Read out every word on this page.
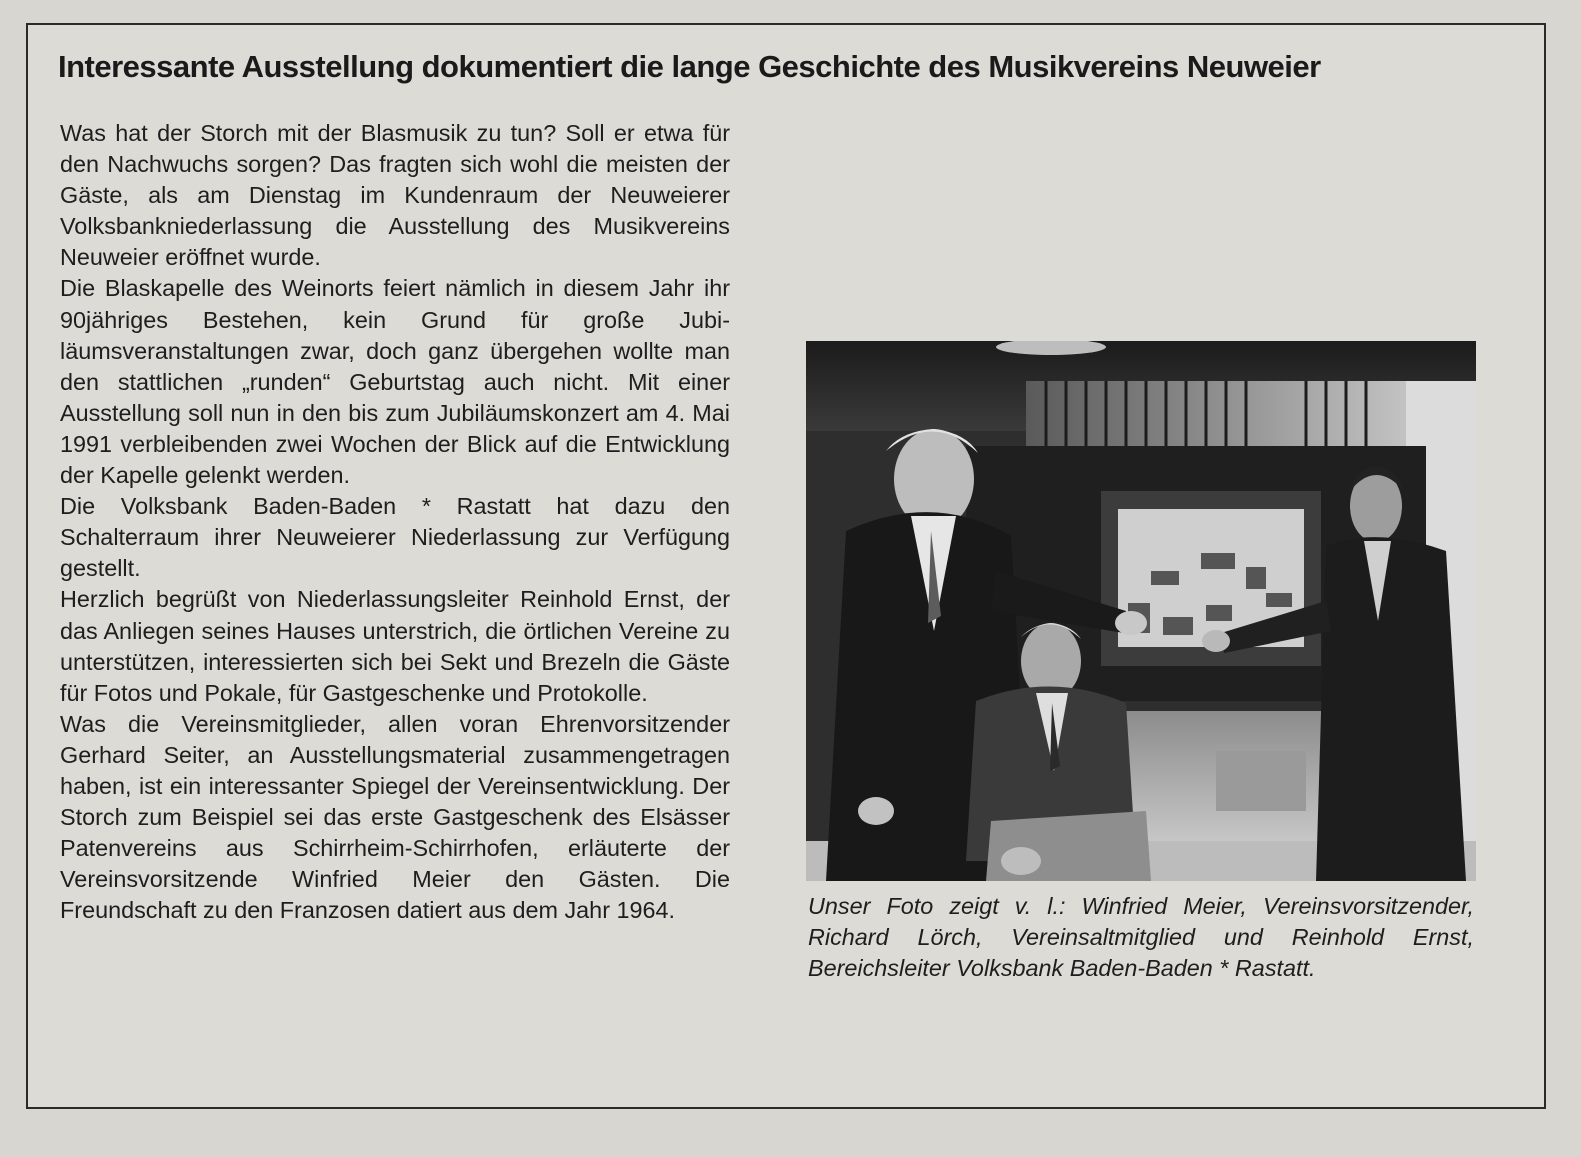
Interessante Ausstellung dokumentiert die lange Geschichte des Musikvereins Neuweier

Was hat der Storch mit der Blasmusik zu tun? Soll er etwa für den Nachwuchs sorgen? Das fragten sich wohl die meisten der Gäste, als am Dienstag im Kundenraum der Neuweierer Volksbankniederlassung die Ausstellung des Musikvereins Neuweier eröffnet wurde.

Die Blaskapelle des Weinorts feiert nämlich in diesem Jahr ihr 90jähriges Bestehen, kein Grund für große Jubiläumsveranstaltungen zwar, doch ganz übergehen wollte man den stattlichen „runden“ Geburtstag auch nicht. Mit einer Ausstellung soll nun in den bis zum Jubiläumskonzert am 4. Mai 1991 verbleibenden zwei Wochen der Blick auf die Entwicklung der Kapelle gelenkt werden.

Die Volksbank Baden-Baden * Rastatt hat dazu den Schalterraum ihrer Neuweierer Niederlassung zur Verfügung gestellt.

Herzlich begrüßt von Niederlassungsleiter Reinhold Ernst, der das Anliegen seines Hauses unterstrich, die örtlichen Vereine zu unterstützen, interessierten sich bei Sekt und Brezeln die Gäste für Fotos und Pokale, für Gastgeschenke und Protokolle.

Was die Vereinsmitglieder, allen voran Ehrenvorsitzender Gerhard Seiter, an Ausstellungsmaterial zusammengetragen haben, ist ein interessanter Spiegel der Vereinsentwicklung. Der Storch zum Beispiel sei das erste Gastgeschenk des Elsässer Patenvereins aus Schirrheim-Schirrhofen, erläuterte der Vereinsvorsitzende Winfried Meier den Gästen. Die Freundschaft zu den Franzosen datiert aus dem Jahr 1964.	Unser Foto zeigt v. l.: Winfried Meier, Vereinsvorsitzender, Richard Lörch, Vereinsaltmitglied und Reinhold Ernst, Bereichsleiter Volksbank Baden-Baden * Rastatt.
